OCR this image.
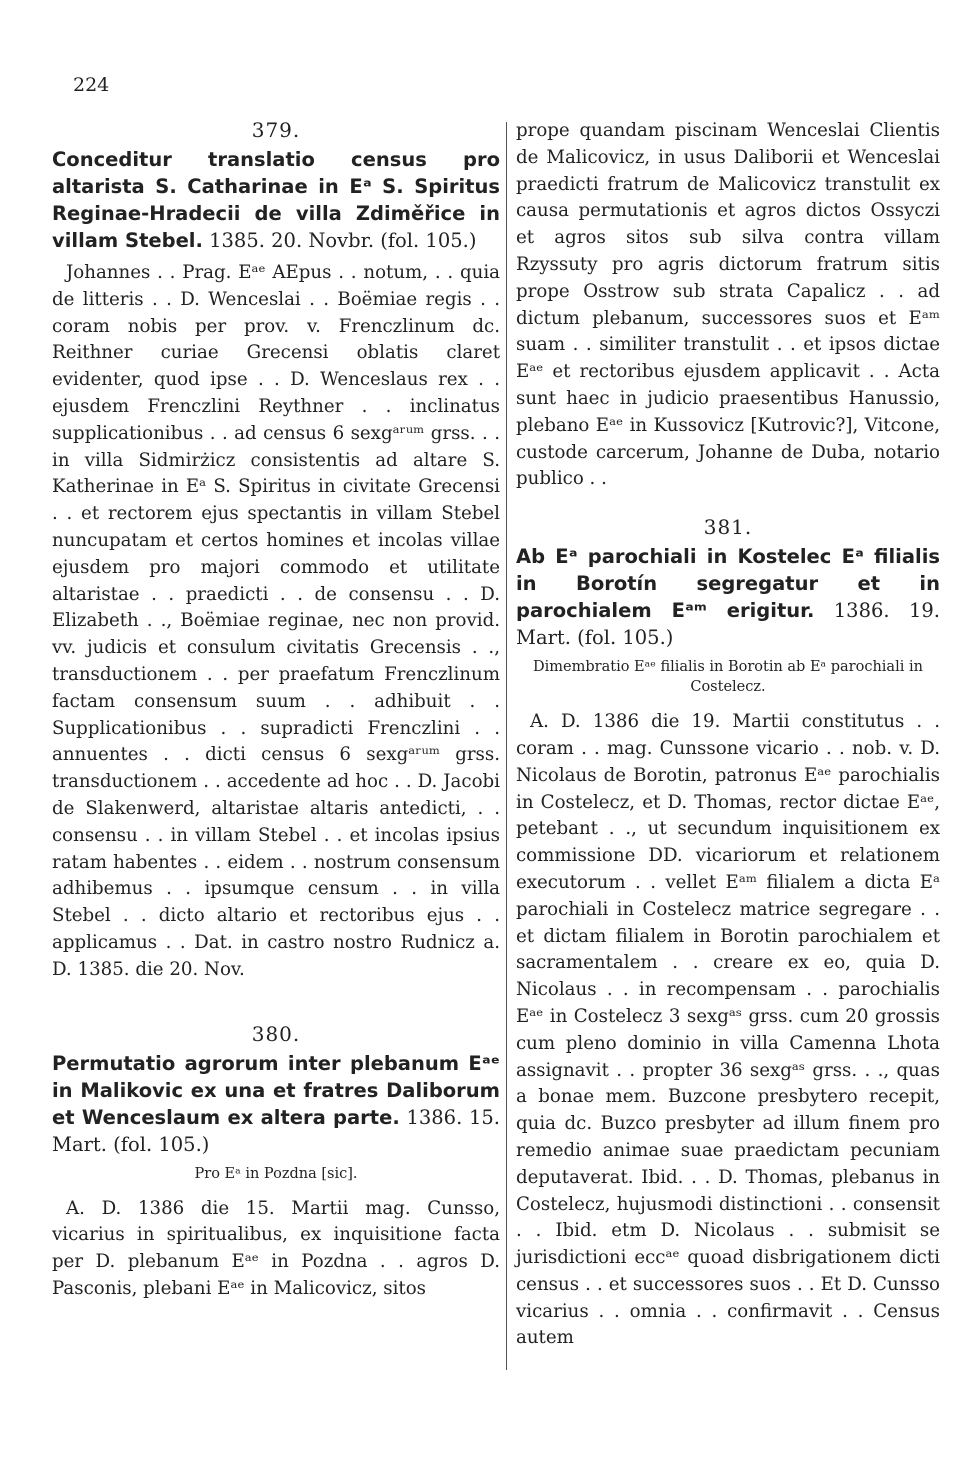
224
379.
Conceditur translatio census pro altarista S. Catharinae in Eᵃ S. Spiritus Reginae-Hradecii de villa Zdiměřice in villam Stebel. 1385. 20. Novbr. (fol. 105.)

Johannes . . Prag. Eᵃᵉ AEpus . . notum, . . quia de litteris . . D. Wenceslai . . Boëmiae regis . . coram nobis per prov. v. Frenczlinum dc. Reithner curiae Grecensi oblatis claret evidenter, quod ipse . . D. Wenceslaus rex . . ejusdem Frenczlini Reythner . . inclinatus supplicationibus . . ad census 6 sexgᵃʳᵘᵐ grss. . . in villa Sidmirżicz consistentis ad altare S. Katherinae in Eᵃ S. Spiritus in civitate Grecensi . . et rectorem ejus spectantis in villam Stebel nuncupatam et certos homines et incolas villae ejusdem pro majori commodo et utilitate altaristae . . praedicti . . de consensu . . D. Elizabeth . ., Boëmiae reginae, nec non provid. vv. judicis et consulum civitatis Grecensis . ., transductionem . . per praefatum Frenczlinum factam consensum suum . . adhibuit . . Supplicationibus . . supradicti Frenczlini . . annuentes . . dicti census 6 sexgᵃʳᵘᵐ grss. transductionem . . accedente ad hoc . . D. Jacobi de Slakenwerd, altaristae altaris antedicti, . . consensu . . in villam Stebel . . et incolas ipsius ratam habentes . . eidem . . nostrum consensum adhibemus . . ipsumque censum . . in villa Stebel . . dicto altario et rectoribus ejus . . applicamus . . Dat. in castro nostro Rudnicz a. D. 1385. die 20. Nov.

380.
Permutatio agrorum inter plebanum Eᵃᵉ in Malikovic ex una et fratres Daliborum et Wenceslaum ex altera parte. 1386. 15. Mart. (fol. 105.)
Pro Eᵃ in Pozdna [sic].

A. D. 1386 die 15. Martii mag. Cunsso, vicarius in spiritualibus, ex inquisitione facta per D. plebanum Eᵃᵉ in Pozdna . . agros D. Pasconis, plebani Eᵃᵉ in Malicovicz, sitos

prope quandam piscinam Wenceslai Clientis de Malicovicz, in usus Daliborii et Wenceslai praedicti fratrum de Malicovicz transtulit ex causa permutationis et agros dictos Ossyczi et agros sitos sub silva contra villam Rzyssuty pro agris dictorum fratrum sitis prope Osstrow sub strata Capalicz . . ad dictum plebanum, successores suos et Eᵃᵐ suam . . similiter transtulit . . et ipsos dictae Eᵃᵉ et rectoribus ejusdem applicavit . . Acta sunt haec in judicio praesentibus Hanussio, plebano Eᵃᵉ in Kussovicz [Kutrovic?], Vitcone, custode carcerum, Johanne de Duba, notario publico . .

381.
Ab Eᵃ parochiali in Kostelec Eᵃ filialis in Borotín segregatur et in parochialem Eᵃᵐ erigitur. 1386. 19. Mart. (fol. 105.)
Dimembratio Eᵃᵉ filialis in Borotin ab Eᵃ parochiali in Costelecz.

A. D. 1386 die 19. Martii constitutus . . coram . . mag. Cunssone vicario . . nob. v. D. Nicolaus de Borotin, patronus Eᵃᵉ parochialis in Costelecz, et D. Thomas, rector dictae Eᵃᵉ, petebant . ., ut secundum inquisitionem ex commissione DD. vicariorum et relationem executorum . . vellet Eᵃᵐ filialem a dicta Eᵃ parochiali in Costelecz matrice segregare . . et dictam filialem in Borotin parochialem et sacramentalem . . creare ex eo, quia D. Nicolaus . . in recompensam . . parochialis Eᵃᵉ in Costelecz 3 sexgᵃˢ grss. cum 20 grossis cum pleno dominio in villa Camenna Lhota assignavit . . propter 36 sexgᵃˢ grss. . ., quas a bonae mem. Buzcone presbytero recepit, quia dc. Buzco presbyter ad illum finem pro remedio animae suae praedictam pecuniam deputaverat. Ibid. . . D. Thomas, plebanus in Costelecz, hujusmodi distinctioni . . consensit . . Ibid. etm D. Nicolaus . . submisit se jurisdictioni eccᵃᵉ quoad disbrigationem dicti census . . et successores suos . . Et D. Cunsso vicarius . . omnia . . confirmavit . . Census autem
